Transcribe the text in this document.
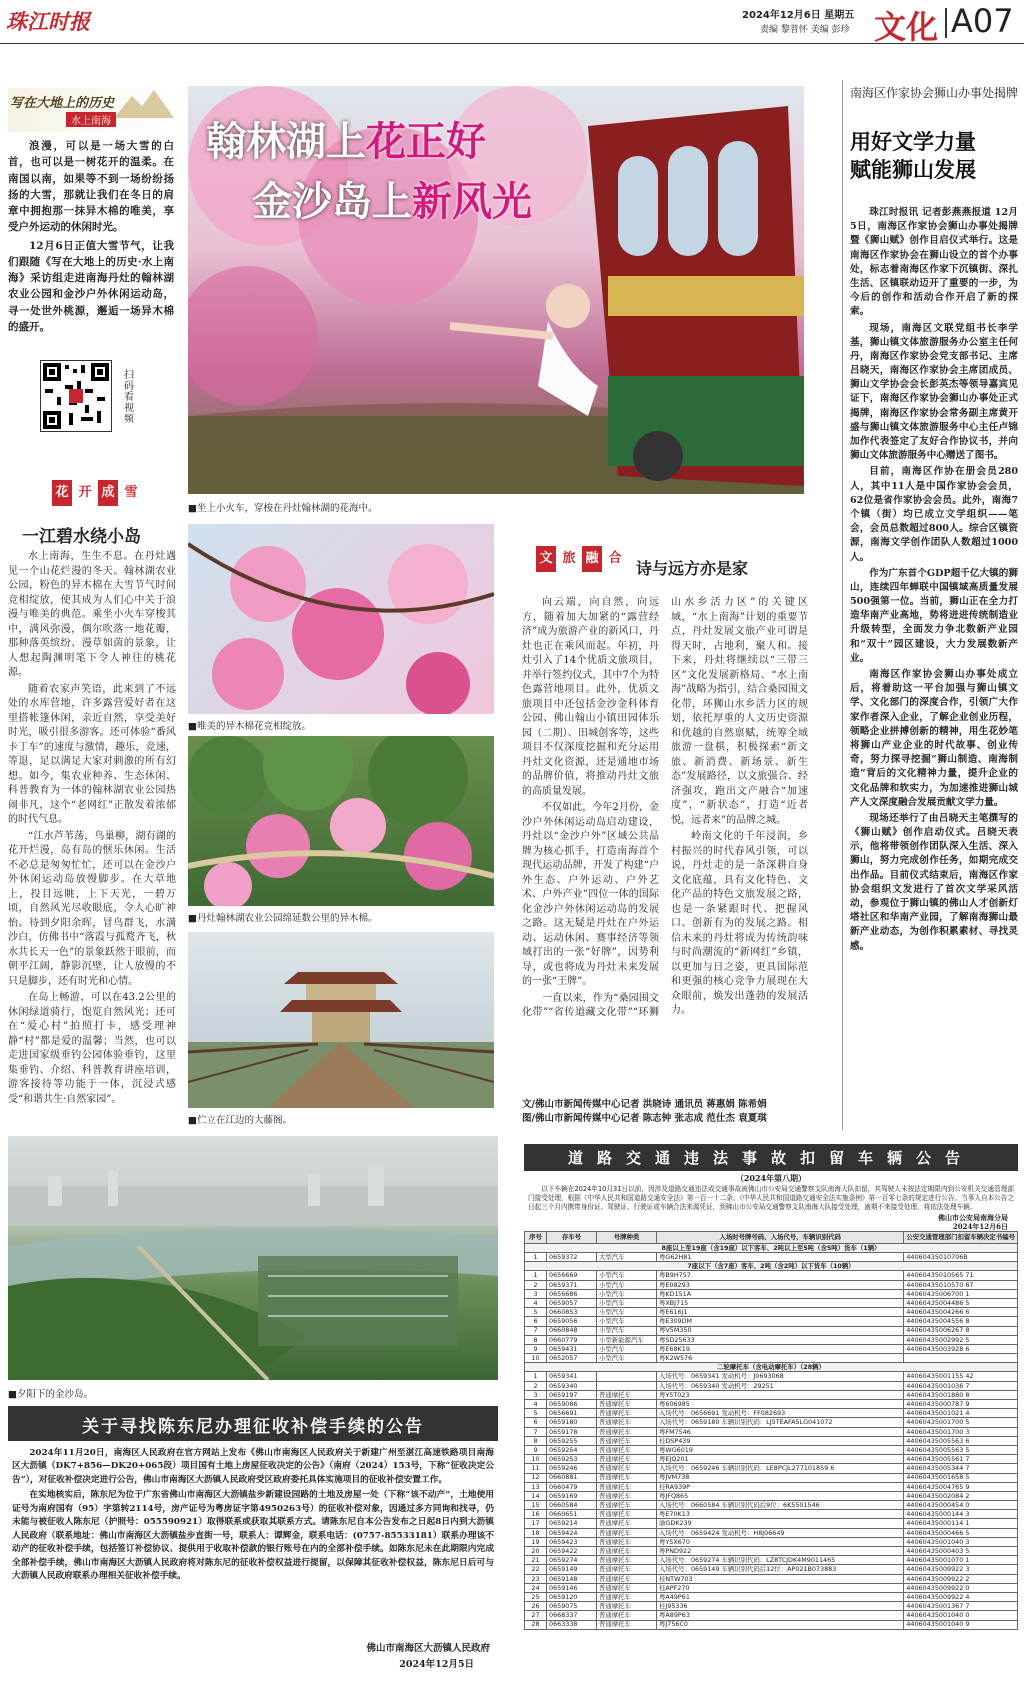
珠江时报	2024年12月6日 星期五
责编 黎普怀 美编 彭珍 文化 A07
写在大地上的历史
水上南海

浪漫，可以是一场大雪的白首，也可以是一树花开的温柔。在南国以南，如果等不到一场纷纷扬扬的大雪，那就让我们在冬日的肩章中拥抱那一抹异木棉的唯美，享受户外运动的休闲时光。

12月6日正值大雪节气，让我们跟随《写在大地上的历史·水上南海》采访组走进南海丹灶的翰林湖农业公园和金沙户外休闲运动岛，寻一处世外桃源，邂逅一场异木棉的盛开。

扫码看视频
翰林湖上花正好
金沙岛上新风光
■坐上小火车，穿梭在丹灶翰林湖的花海中。
花 开 成 雪
一江碧水绕小岛

水上南海，生生不息。在丹灶遇见一个山花烂漫的冬天。翰林湖农业公园，粉色的异木棉在大雪节气时间竞相绽放，使其成为人们心中关于浪漫与唯美的典范。乘坐小火车穿梭其中，满风弥漫，偶尔吹落一地花瓣，那种落英缤纷、漫草如茵的景象，让人想起陶渊明笔下令人神往的桃花源。

随着农家声笑语，此来到了不远处的水库营地，许多露营爱好者在这里搭帐篷休闲，亲近自然，享受美好时光，吸引很多游客。还可体验“番风卡丁车”的速度与激情，趣乐，竞速，等退，足以满足大家对刺激的所有幻想。如今，集农业种养、生态休闲、科普教育为一体的翰林湖农业公园热闹非凡，这个“老网红”正散发着浓郁的时代气息。

“江水芦苇荡，鸟巢柳，湖有湖的花开烂漫，岛有岛的惬乐休闲。生活不必总是匆匆忙忙，还可以在金沙户外休闲运动岛放慢脚步。在大草地上，投目远眺，上下天光，一碧万顷，自然风光尽收眼底，令人心旷神怡。待到夕阳余晖，冒鸟群飞，水满沙白，仿佛书中“落霞与孤鹜齐飞，秋水共长天一色”的景象跃然于眼前，而朝平江阔，静影沉壁，让人放慢的不只是脚步，还有时光和心情。

在岛上畅游，可以在43.2公里的休闲绿道骑行，饱览自然风光；还可在“爱心村”拍照打卡，感受理神静“村”都是爱的温馨；当然，也可以走进国家级垂钓公园体验垂钓，这里集垂钓、介绍、科普教育讲座培训，游客接待等功能于一体，沉浸式感受“和谐共生·自然家园”。

■唯美的异木棉花竞相绽放。
■丹灶翰林湖农业公园绵延数公里的异木棉。
■伫立在江边的大藤阁。
文 旅 融 合
诗与远方亦是家

向云端，向自然，向远方，随着加大加紧的“露营经济”成为旅游产业的新风口，丹灶也正在乘风而起。年初，丹灶引入了14个优质文旅项目，并举行签约仪式，其中7个为特色露营地项目。此外，优质文旅项目中还包括金沙金科体育公园、佛山翰山小镇田园体乐园（二期）、田城创客等，这些项目不仅深度挖掘和充分运用丹灶文化资源，还是通地市场的品牌价值，将推动丹灶文旅的高质量发展。

不仅如此，今年2月份，金沙户外休闲运动岛启动建设，丹灶以“金沙户外”区域公共品牌为核心抓手，打造南海首个现代运动品牌，开发了构建“户外生态、户外运动、户外艺术、户外产业”四位一体的国际化金沙户外休闲运动岛的发展之路。这无疑是丹灶在户外运动、运动休闲、赛事经济等领域打出的一张“好牌”，因势利导，或也将成为丹灶未来发展的一张“王牌”。

一直以来，作为“桑园围文化带”“省传道藏文化带”“环狮山水乡活力区”的关键区域，“水上南海”计划的重要节点，丹灶发展文旅产业可谓是得天时，占地利，聚人和。接下来，丹灶将继续以“三带三区”文化发展新格局、“水上南海”战略为指引，结合桑园围文化带，环狮山水乡活力区的规划，依托厚重的人文历史资源和优越的自然禀赋，统筹全域旅游一盘棋，积极探索“新文旅、新消费、新场景、新生态”发展路径，以文旅强合、经济强攻，跑出文产融合“加速度”，“新状态”，打造“近者悦，远者来”的品牌之城。

岭南文化的千年浸润，乡村振兴的时代春风引领，可以说，丹灶走的是一条深耕自身文化底蕴，具有文化特色、文化产品的特色文旅发展之路，也是一条紧跟时代、把握风口、创新有为的发展之路。相信未来的丹灶将成为传统韵味与时尚潮流的“新网红”乡镇，以更加与日之姿，更具国际范和更强的核心竞争力展现在大众眼前，焕发出蓬勃的发展活力。

文/佛山市新闻传媒中心记者 洪晓诗 通讯员 蒋惠娟 陈希娟
图/佛山市新闻传媒中心记者 陈志钟 张志成 范仕杰 袁夏琪
南海区作家协会狮山办事处揭牌
用好文学力量
赋能狮山发展

珠江时报讯 记者彭燕燕报道 12月5日，南海区作家协会狮山办事处揭牌暨《狮山赋》创作目启仪式举行。这是南海区作家协会在狮山设立的首个办事处，标志着南海区作家下沉镇街、深扎生活、区镇联动迈开了重要的一步，为今后的创作和活动合作开启了新的探索。

现场，南海区文联党组书长李学基，狮山镇文体旅游服务办公室主任何丹，南海区作家协会党支部书记、主席吕晓天，南海区作家协会主席团成员、狮山文学协会会长彭英杰等领导嘉宾见证下，南海区作家协会狮山办事处正式揭牌，南海区作家协会常务副主席黄开盛与狮山镇文体旅游服务中心主任卢锦加作代表签定了友好合作协议书，并向狮山文体旅游服务中心赠送了图书。

目前，南海区作协在册会员280人，其中11人是中国作家协会会员，62位是省作家协会会员。此外，南海7个镇（街）均已成立文学组织——笔会，会员总数超过800人。综合区镇资源，南海文学创作团队人数超过1000人。

作为广东首个GDP超千亿大镇的狮山，连续四年蝉联中国镇域高质量发展500强第一位。当前，狮山正在全力打造华南产业高地，势将迸进传统制造业升级转型，全面发力争北数新产业园和“双十”园区建设，大力发展数新产业。

南海区作家协会狮山办事处成立后，将着助这一平台加强与狮山镇文学、文化部门的深度合作，引领广大作家作者深入企业，了解企业创业历程，领略企业拼搏创新的精神，用生花妙笔将狮山产业企业的时代故事、创业传奇，努力探寻挖掘“狮山制造、南海制造”背后的文化精神力量，提升企业的文化品牌和软实力，为加速推进狮山城产人文深度融合发展贡献文学力量。

现场还举行了由吕晓天主笔撰写的《狮山赋》创作启动仪式。吕晓天表示，他将带领创作团队深入生活、深入狮山，努力完成创作任务，如期完成交出作品。目前仪式结束后，南海区作家协会组织文发进行了首次文学采风活动，参观位于狮山镇的佛山人才创新灯塔社区和华南产业园，了解南海狮山最新产业动态，为创作积累素材、寻找灵感。

■夕阳下的金沙岛。
关于寻找陈东尼办理征收补偿手续的公告

2024年11月20日，南海区人民政府在官方网站上发布《佛山市南海区人民政府关于新建广州至湛江高速铁路项目南海区大沥镇（DK7+856—DK20+065段）项目国有土地上房屋征收决定的公告》（南府（2024）153号，下称“征收决定公告”），对征收补偿决定进行公告，佛山市南海区大沥镇人民政府受区政府委托具体实施项目的征收补偿安置工作。

在实地核实后，陈东尼为位于广东省佛山市南海区大沥镇盐步新建设园路的土地及房屋一处（下称“该不动产”，土地使用证号为南府国有（95）字第转2114号，房产证号为粤房证字第4950263号）的征收补偿对象，因通过多方同询和找寻，仍未能与被征收人陈东尼（护照号：055590921）取得联系或获取其联系方式。请陈东尼自本公告发布之日起8日内到大沥镇人民政府（联系地址：佛山市南海区大沥镇盐步直街一号，联系人：谭辉金，联系电话：(0757-85533181）联系办理该不动产的征收补偿手续，包括签订补偿协议、提供用于收取补偿款的银行账号在内的全部补偿手续。如陈东尼未在此期限内完成全部补偿手续，佛山市南海区大沥镇人民政府将对陈东尼的征收补偿权益进行提留，以保障其征收补偿权益，陈东尼日后可与大沥镇人民政府联系办理相关征收补偿手续。

佛山市南海区大沥镇人民政府
2024年12月5日
道路交通违法事故扣留车辆公告
（2024年第八期）
以下车辆在2024年10月31日以前，因涉及道路交通违法或交通事故被佛山市公安局交通警察支队南海大队扣留，其驾驶人未按法定期限内到公安机关交通管理部门接受处理，根据《中华人民共和国道路交通安全法》第一百一十二条、《中华人民共和国道路交通安全法实施条例》第一百零七条的规定进行公告。当事人自本公告之日起三个月内携带身份证、驾驶证、行驶证或车辆合法来源凭证，到佛山市公安局交通警察支队南海大队接受处理，逾期不来接受处理，将依法处理车辆。
佛山市公安局南海分局
2024年12月6日
序号	存车号	号牌种类	入场时号牌号码、入场代号、车辆识别代码	公安交通管理部门扣留车辆决定书编号
8座以上至19座（含19座）以下客车、2吨以上至5吨（含5吨）货车（1辆）				
1	0659372	大型汽车	粤G62H81	44060435010706B
7座以下（含7座）客车、2吨（含2吨）以下货车（10辆）				
1	0656669	小型汽车	粤B9H757	44060435010565 71
2	0659371	小型汽车	粤E08293	44060435010570 67
3	0656686	小型汽车	粤KD151A	44060435006700 1
4	0659057	小型汽车	粤XBJ715	44060435004486 5
5	0660853	小型汽车	粤E616J1	44060435004266 6
6	0659056	小型汽车	粤E309DM	44060435004556 8
7	0660848	小型汽车	粤V5M350	44060435006267 8
8	0660779	小型新能源汽车	粤SD25633	44060435002992 5
9	0659431	小型汽车	粤E68K19	44060435003928 6
10	0652057	小型汽车	粤K2W576	
二轮摩托车（含电动摩托车）（28辆）				
1	0659341		入场代号：0659341 发动机号：J0693068	44060435001155 42
2	0659340		入场代号：0659340 发动机号：29251	44060435001036 7
3	0659197	普通摩托车	粤Y5T023	44060435001880 8
4	0659086	普通摩托车	粤606985	44060435000787 9
5	0656691	普通摩托车	入场代号：0656691 发动机号：FF082693	44060435001021 4
6	0659180	普通摩托车	入场代号：0659180 车辆识别代码：LJ5TEAFA5LG041072	44060435001700 5
7	0659178	普通摩托车	粤FM7546	44060435001700 3
8	0659255	普通摩托车	桂DSP439	44060435005563 6
9	0659254	普通摩托车	粤WG6019	44060435005563 5
10	0659253	普通摩托车	粤EJQ201	44060435005561 7
11	0659246	普通摩托车	入场代号：0659246 车辆识别代码：LE8PCJL277101859 6	44060435005344 7
12	0660881	普通摩托车	粤JVM738	44060435001658 5
13	0660479	普通摩托车	桂RA939P	44060435004765 9
14	0659169	普通摩托车	粤JFQ865	44060435002084 2
15	0660584	普通摩托车	入场代号：0660584 车辆识别代码后9位：6K5501546	44060435000454 0
16	0660651	普通摩托车	粤E70K13	44060435000144 3
17	0659214	普通摩托车	渝GDK239	44060435000114 1
18	0659424	普通摩托车	入场代号：0659424 发动机号：H8J06649	44060435000466 5
19	0659423	普通摩托车	粤Y5X670	44060435001040 3
20	0659422	普通摩托车	粤PND922	44060435000403 5
21	0659274	普通摩托车	入场代号：0659274 车辆识别代码：LZ8TCJDK4M9011465	44060435001070 1
22	0659149	普通摩托车	入场代号：0659149 车辆识别代码后12位：AP021B073883	44060435009922 3
23	0659148	普通摩托车	桂NTW703	44060435009922 2
24	0659146	普通摩托车	桂APF270	44060435009922 0
25	0659120	普通摩托车	粤A49P61	44060435009922 4
26	0659075	普通摩托车	桂J95336	44060435001367 7
27	0668337	普通摩托车	粤A89P63	44060435001040 0
28	0663338	普通摩托车	粤J756C0	44060435001040 9
